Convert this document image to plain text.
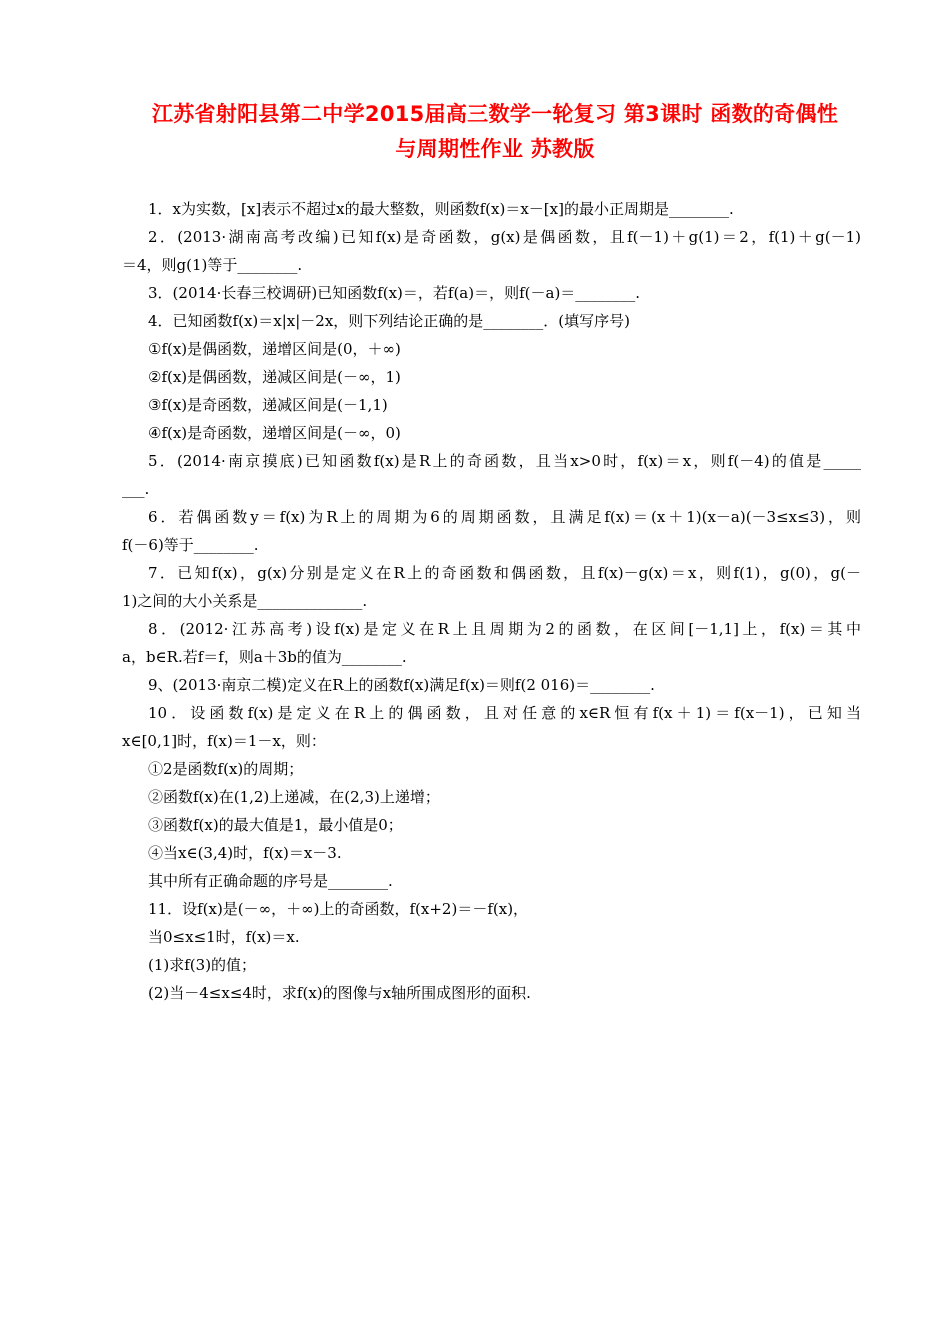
江苏省射阳县第二中学2015届高三数学一轮复习 第3课时 函数的奇偶性
与周期性作业 苏教版
1．x为实数，[x]表示不超过x的最大整数，则函数f(x)＝x－[x]的最小正周期是________.
2．(2013·湖南高考改编)已知f(x)是奇函数，g(x)是偶函数，且f(－1)＋g(1)＝2，f(1)＋g(－1)
＝4，则g(1)等于________.
3．(2014·长春三校调研)已知函数f(x)＝，若f(a)＝，则f(－a)＝________.
4．已知函数f(x)＝x|x|－2x，则下列结论正确的是________．(填写序号)
①f(x)是偶函数，递增区间是(0，＋∞)
②f(x)是偶函数，递减区间是(－∞，1)
③f(x)是奇函数，递减区间是(－1,1)
④f(x)是奇函数，递增区间是(－∞，0)
5．(2014·南京摸底)已知函数f(x)是R上的奇函数，且当x>0时，f(x)＝x，则f(－4)的值是_____
___.
6．若偶函数y＝f(x)为R上的周期为6的周期函数，且满足f(x)＝(x＋1)(x－a)(－3≤x≤3)，则
f(－6)等于________.
7．已知f(x)，g(x)分别是定义在R上的奇函数和偶函数，且f(x)－g(x)＝x，则f(1)，g(0)，g(－
1)之间的大小关系是______________.
8．(2012·江苏高考)设f(x)是定义在R上且周期为2的函数，在区间[－1,1]上，f(x)＝其中
a，b∈R.若f＝f，则a＋3b的值为________.
9、(2013·南京二模)定义在R上的函数f(x)满足f(x)＝则f(2 016)＝________.
10．设函数f(x)是定义在R上的偶函数，且对任意的x∈R恒有f(x＋1)＝f(x－1)，已知当
x∈[0,1]时，f(x)＝1－x，则：
①2是函数f(x)的周期；
②函数f(x)在(1,2)上递减，在(2,3)上递增；
③函数f(x)的最大值是1，最小值是0；
④当x∈(3,4)时，f(x)＝x－3.
其中所有正确命题的序号是________.
11．设f(x)是(－∞，＋∞)上的奇函数，f(x+2)＝－f(x)，
当0≤x≤1时，f(x)＝x.
(1)求f(3)的值；
(2)当－4≤x≤4时，求f(x)的图像与x轴所围成图形的面积.
